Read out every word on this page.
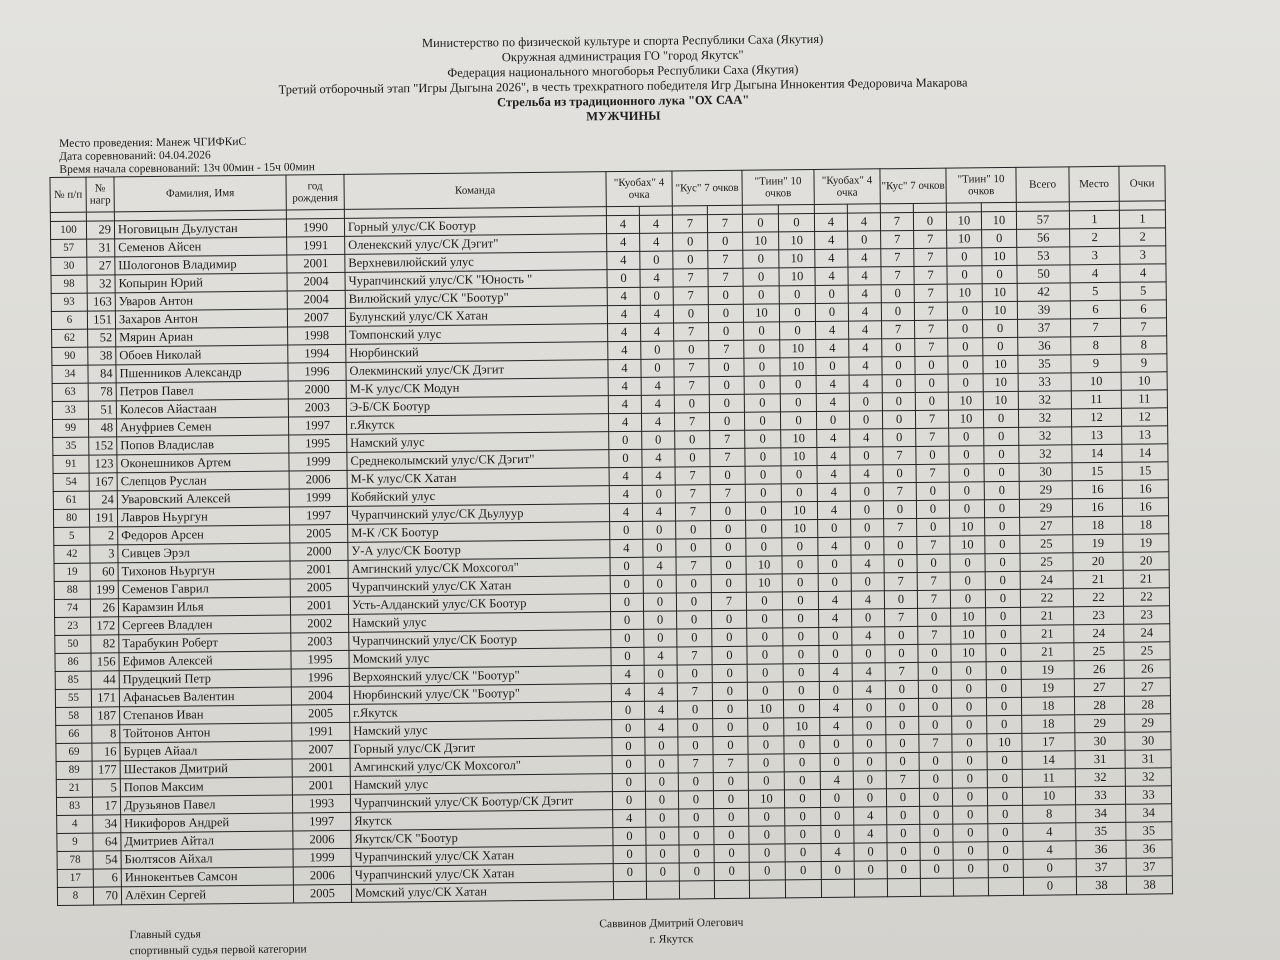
Министерство по физической культуре и спорта Республики Саха (Якутия)
Окружная администрация ГО "город Якутск"
Федерация национального многоборья Республики Саха (Якутия)
Третий отборочный этап "Игры Дыгына 2026", в честь трехкратного победителя Игр Дыгына Иннокентия Федоровича Макарова
Стрельба из традиционного лука "ОХ САА"
МУЖЧИНЫ
Место проведения: Манеж ЧГИФКиС
Дата соревнований: 04.04.2026
Время начала соревнований: 13ч 00мин - 15ч 00мин
№ п/п	№ нагр	Фамилия, Имя	год рождения	Команда	"Куобах" 4 очка		"Кус" 7 очков		"Тиин" 10 очков		"Куобах" 4 очка		"Кус" 7 очков		"Тиин" 10 очков		Всего	Место	Очки

100	29	Ноговицын Дьулустан	1990	Горный улус/СК Боотур	4	4	7	7	0	0	4	4	7	0	10	10	57	1	1
57	31	Семенов Айсен	1991	Оленекский улус/СК Дэгит"	4	4	0	0	10	10	4	0	7	7	10	0	56	2	2
30	27	Шологонов Владимир	2001	Верхневилюйский улус	4	0	0	7	0	10	4	4	7	7	0	10	53	3	3
98	32	Копырин Юрий	2004	Чурапчинский улус/СК "Юность "	0	4	7	7	0	10	4	4	7	7	0	0	50	4	4
93	163	Уваров Антон	2004	Вилюйский улус/СК "Боотур"	4	0	7	0	0	0	0	4	0	7	10	10	42	5	5
6	151	Захаров Антон	2007	Булунский улус/СК Хатан	4	4	0	0	10	0	0	4	0	7	0	10	39	6	6
62	52	Мярин Ариан	1998	Томпонский улус	4	4	7	0	0	0	4	4	7	7	0	0	37	7	7
90	38	Обоев Николай	1994	Нюрбинский	4	0	0	7	0	10	4	4	0	7	0	0	36	8	8
34	84	Пшенников Александр	1996	Олекминский улус/СК Дэгит	4	0	7	0	0	10	0	4	0	0	0	10	35	9	9
63	78	Петров Павел	2000	М-К улус/СК Модун	4	4	7	0	0	0	4	4	0	0	0	10	33	10	10
33	51	Колесов Айастаан	2003	Э-Б/СК Боотур	4	4	0	0	0	0	4	0	0	0	10	10	32	11	11
99	48	Ануфриев Семен	1997	г.Якутск	4	4	7	0	0	0	0	0	0	7	10	0	32	12	12
35	152	Попов Владислав	1995	Намский улус	0	0	0	7	0	10	4	4	0	7	0	0	32	13	13
91	123	Оконешников Артем	1999	Среднеколымский улус/СК Дэгит"	0	4	0	7	0	10	4	0	7	0	0	0	32	14	14
54	167	Слепцов Руслан	2006	М-К улус/СК Хатан	4	4	7	0	0	0	4	4	0	7	0	0	30	15	15
61	24	Уваровский Алексей	1999	Кобяйский улус	4	0	7	7	0	0	4	0	7	0	0	0	29	16	16
80	191	Лавров Ньургун	1997	Чурапчинский улус/СК Дьулуур	4	4	7	0	0	10	4	0	0	0	0	0	29	16	16
5	2	Федоров Арсен	2005	М-К /СК Боотур	0	0	0	0	0	10	0	0	7	0	10	0	27	18	18
42	3	Сивцев Эрэл	2000	У-А улус/СК Боотур	4	0	0	0	0	0	4	0	0	7	10	0	25	19	19
19	60	Тихонов Ньургун	2001	Амгинский улус/СК Мохсогол"	0	4	7	0	10	0	0	4	0	0	0	0	25	20	20
88	199	Семенов Гаврил	2005	Чурапчинский улус/СК Хатан	0	0	0	0	10	0	0	0	7	7	0	0	24	21	21
74	26	Карамзин Илья	2001	Усть-Алданский улус/СК Боотур	0	0	0	7	0	0	4	4	0	7	0	0	22	22	22
23	172	Сергеев Владлен	2002	Намский улус	0	0	0	0	0	0	4	0	7	0	10	0	21	23	23
50	82	Тарабукин Роберт	2003	Чурапчинский улус/СК Боотур	0	0	0	0	0	0	0	4	0	7	10	0	21	24	24
86	156	Ефимов Алексей	1995	Момский улус	0	4	7	0	0	0	0	0	0	0	10	0	21	25	25
85	44	Прудецкий Петр	1996	Верхоянский улус/СК "Боотур"	4	0	0	0	0	0	4	4	7	0	0	0	19	26	26
55	171	Афанасьев Валентин	2004	Нюрбинский улус/СК "Боотур"	4	4	7	0	0	0	0	4	0	0	0	0	19	27	27
58	187	Степанов Иван	2005	г.Якутск	0	4	0	0	10	0	4	0	0	0	0	0	18	28	28
66	8	Тойтонов Антон	1991	Намский улус	0	4	0	0	0	10	4	0	0	0	0	0	18	29	29
69	16	Бурцев Айаал	2007	Горный улус/СК Дэгит	0	0	0	0	0	0	0	0	0	7	0	10	17	30	30
89	177	Шестаков Дмитрий	2001	Амгинский улус/СК Мохсогол"	0	0	7	7	0	0	0	0	0	0	0	0	14	31	31
21	5	Попов Максим	2001	Намский улус	0	0	0	0	0	0	4	0	7	0	0	0	11	32	32
83	17	Друзьянов Павел	1993	Чурапчинский улус/СК Боотур/СК Дэгит	0	0	0	0	10	0	0	0	0	0	0	0	10	33	33
4	34	Никифоров Андрей	1997	Якутск	4	0	0	0	0	0	0	4	0	0	0	0	8	34	34
9	64	Дмитриев Айтал	2006	Якутск/СК "Боотур	0	0	0	0	0	0	0	4	0	0	0	0	4	35	35
78	54	Бюлтясов Айхал	1999	Чурапчинский улус/СК Хатан	0	0	0	0	0	0	4	0	0	0	0	0	4	36	36
17	6	Иннокентьев Самсон	2006	Чурапчинский улус/СК Хатан	0	0	0	0	0	0	0	0	0	0	0	0	0	37	37
8	70	Алёхин Сергей	2005	Момский улус/СК Хатан													0	38	38
Главный судья
спортивный судья первой категории
Саввинов Дмитрий Олегович
г. Якутск
